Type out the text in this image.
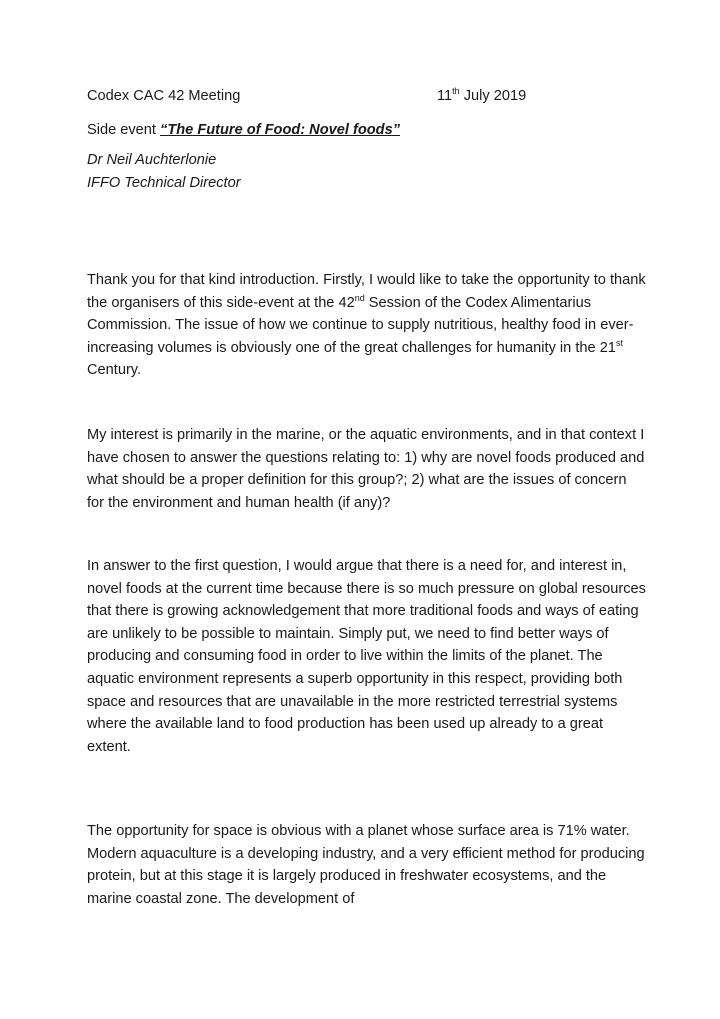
Codex CAC 42 Meeting	11th July 2019
Side event “The Future of Food: Novel foods”
Dr Neil Auchterlonie
IFFO Technical Director

Thank you for that kind introduction. Firstly, I would like to take the opportunity to thank the organisers of this side-event at the 42nd Session of the Codex Alimentarius Commission. The issue of how we continue to supply nutritious, healthy food in ever-increasing volumes is obviously one of the great challenges for humanity in the 21st Century.

My interest is primarily in the marine, or the aquatic environments, and in that context I have chosen to answer the questions relating to: 1) why are novel foods produced and what should be a proper definition for this group?; 2) what are the issues of concern for the environment and human health (if any)?

In answer to the first question, I would argue that there is a need for, and interest in, novel foods at the current time because there is so much pressure on global resources that there is growing acknowledgement that more traditional foods and ways of eating are unlikely to be possible to maintain. Simply put, we need to find better ways of producing and consuming food in order to live within the limits of the planet. The aquatic environment represents a superb opportunity in this respect, providing both space and resources that are unavailable in the more restricted terrestrial systems where the available land to food production has been used up already to a great extent.

The opportunity for space is obvious with a planet whose surface area is 71% water. Modern aquaculture is a developing industry, and a very efficient method for producing protein, but at this stage it is largely produced in freshwater ecosystems, and the marine coastal zone. The development of
